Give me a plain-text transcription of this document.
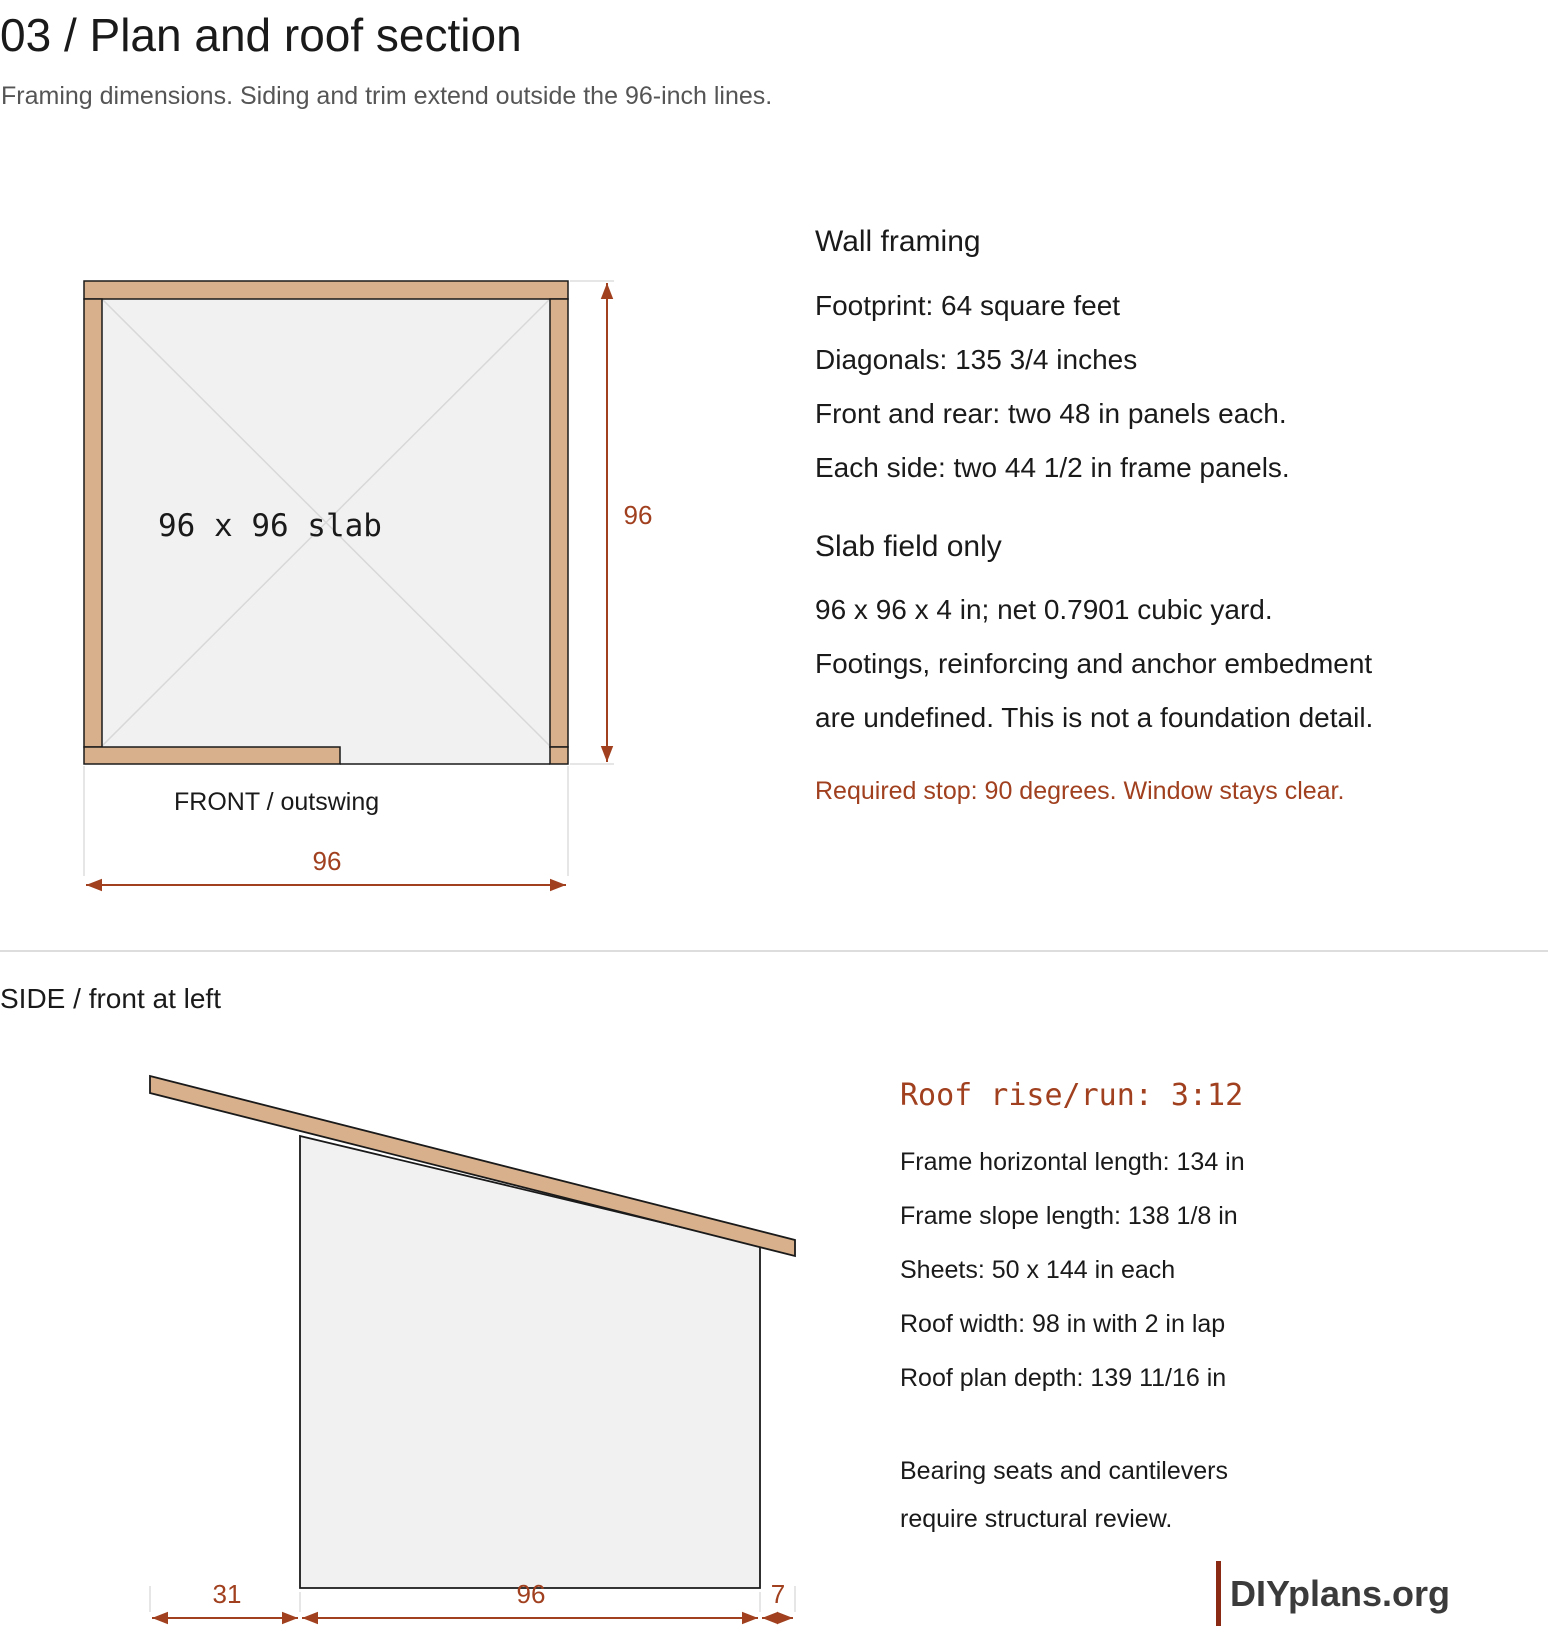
03 / Plan and roof section
Framing dimensions. Siding and trim extend outside the 96-inch lines.
96 x 96 slab
FRONT / outswing
96
96
Wall framing
Footprint: 64 square feet
Diagonals: 135 3/4 inches
Front and rear: two 48 in panels each.
Each side: two 44 1/2 in frame panels.
Slab field only
96 x 96 x 4 in; net 0.7901 cubic yard.
Footings, reinforcing and anchor embedment
are undefined. This is not a foundation detail.
Required stop: 90 degrees. Window stays clear.
SIDE / front at left
31	96	7
Roof rise/run: 3:12
Frame horizontal length: 134 in
Frame slope length: 138 1/8 in
Sheets: 50 x 144 in each
Roof width: 98 in with 2 in lap
Roof plan depth: 139 11/16 in
Bearing seats and cantilevers
require structural review.
DIYplans.org
